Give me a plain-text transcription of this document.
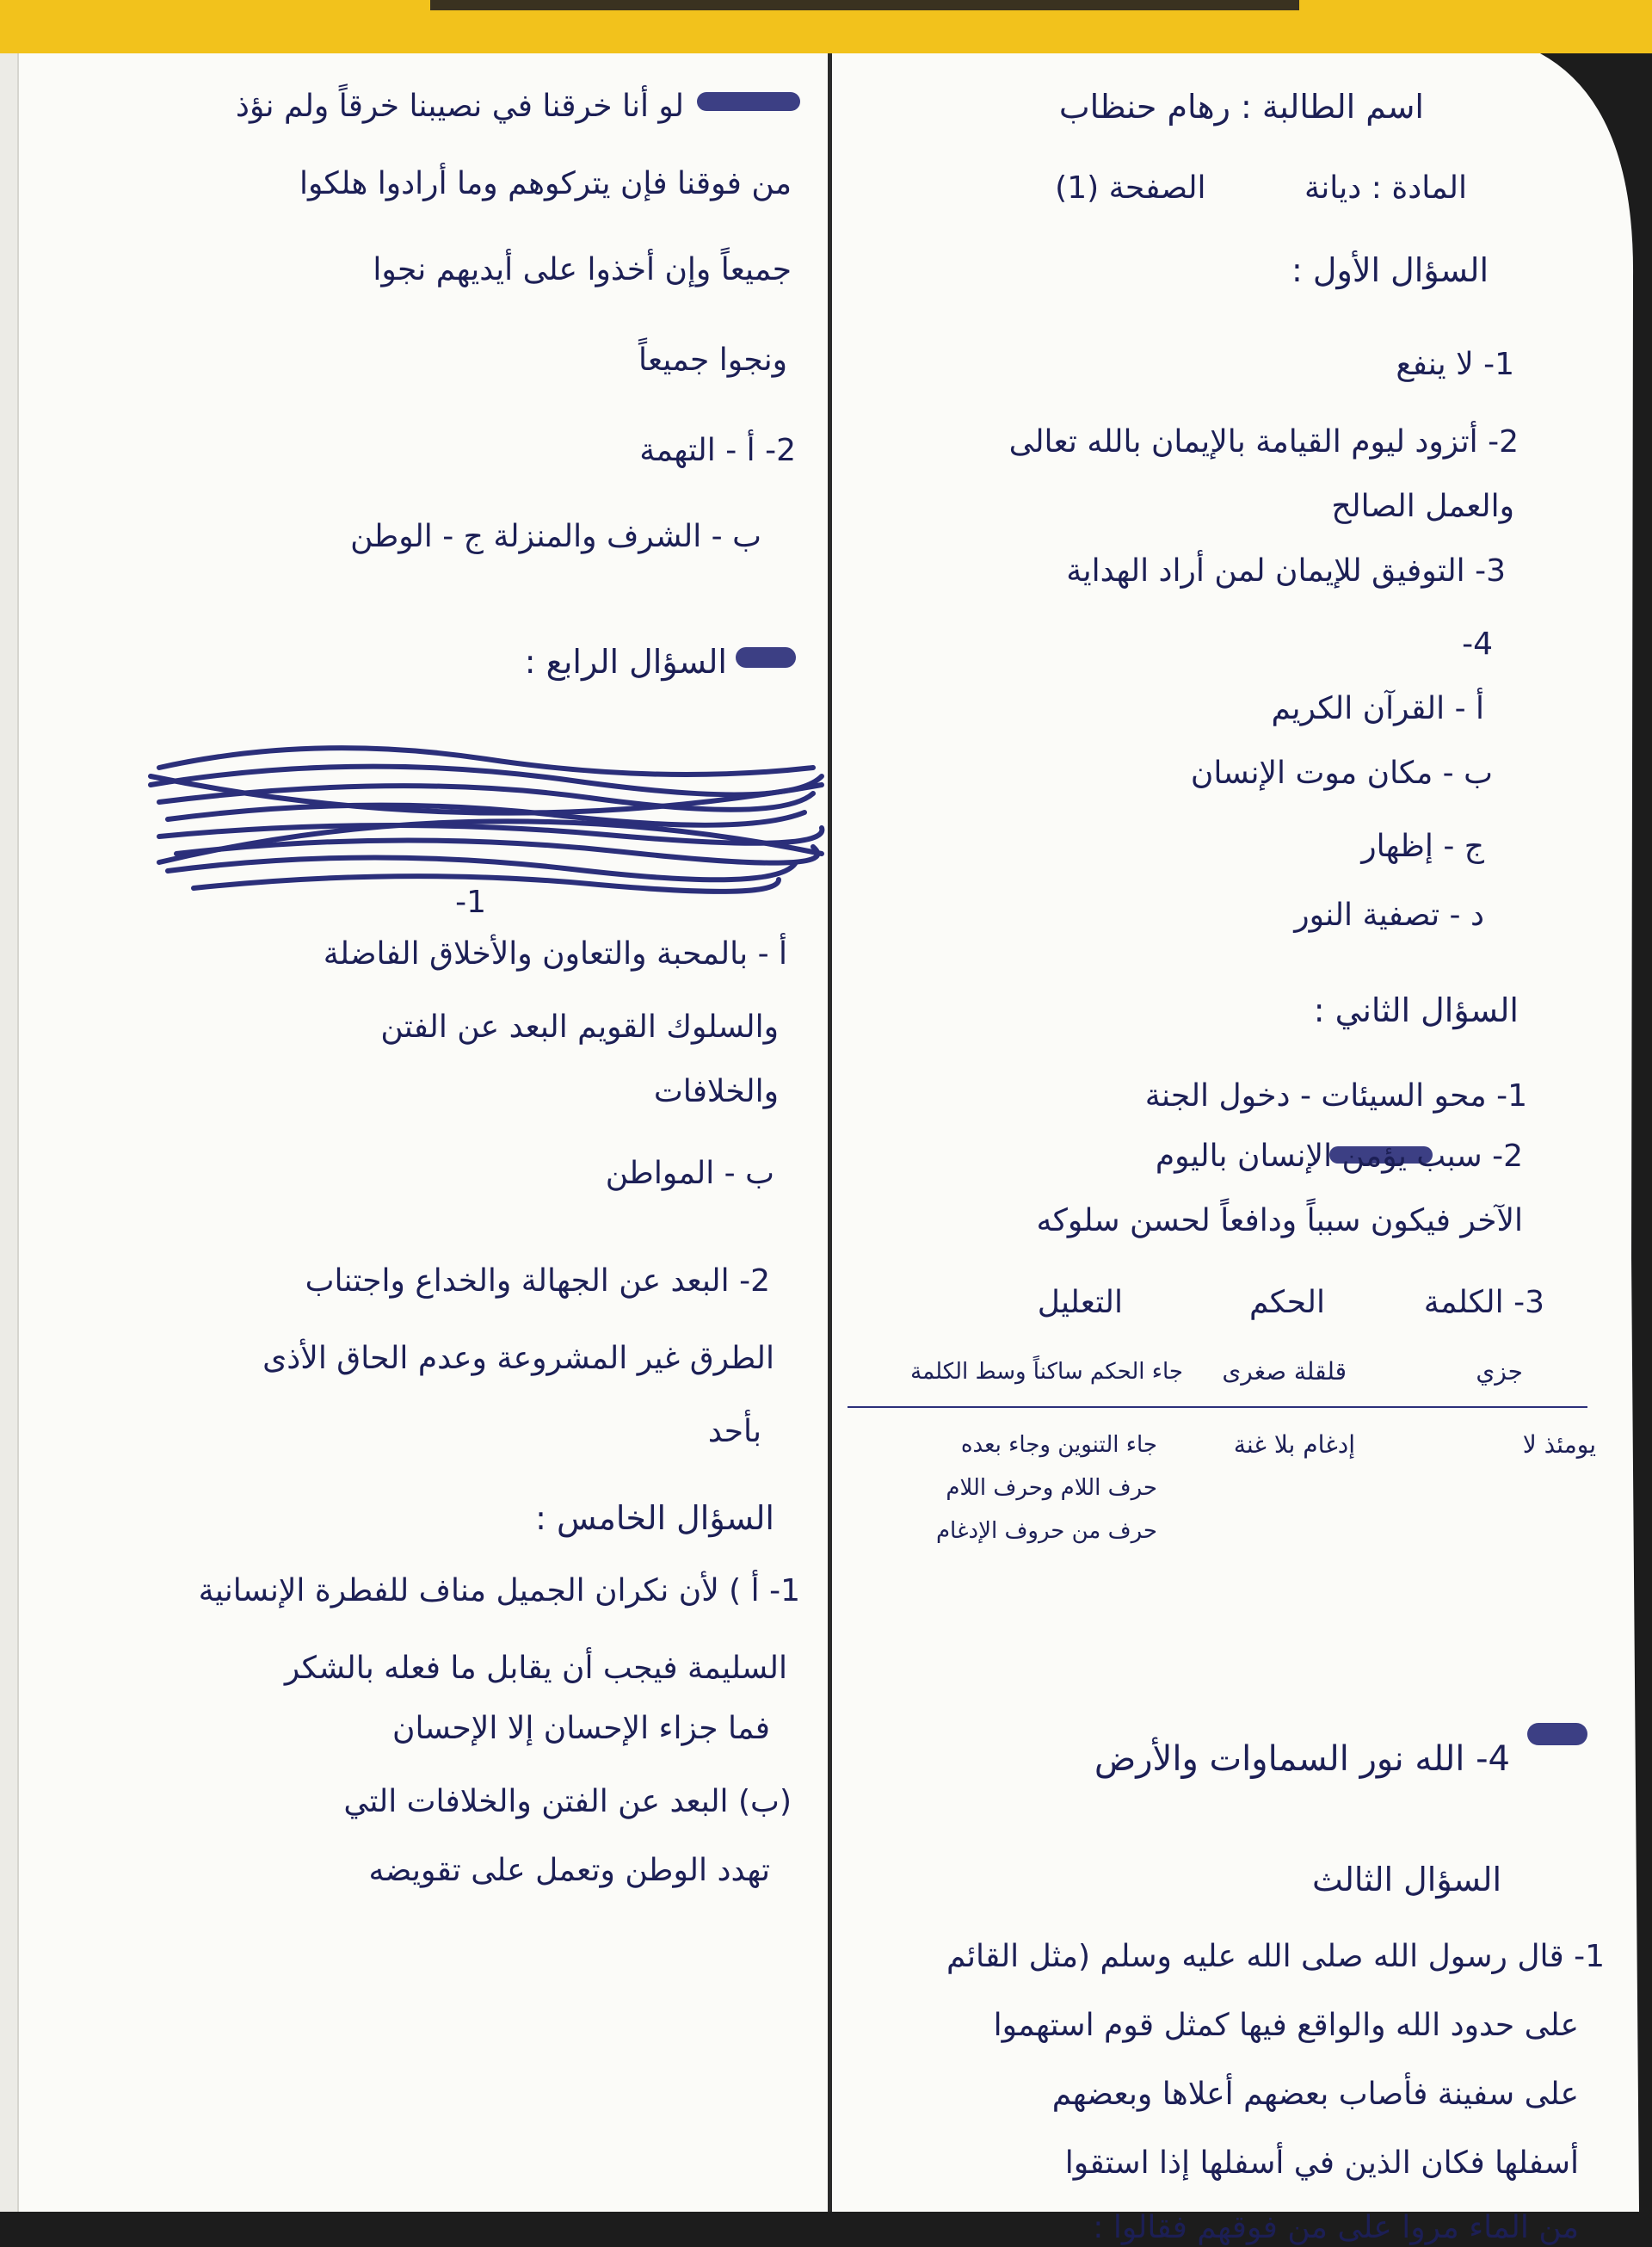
اسم الطالبة : رهام حنظاب
المادة : ديانة          الصفحة (1)
السؤال الأول :
1- لا ينفع
2- أتزود ليوم القيامة بالإيمان بالله تعالى
والعمل الصالح
3- التوفيق للإيمان لمن أراد الهداية
4-
أ - القرآن الكريم
ب - مكان موت الإنسان
ج - إظهار
د - تصفية النور
السؤال الثاني :
1- محو السيئات - دخول الجنة
2- سبب يؤمن الإنسان باليوم
الآخر فيكون سبباً ودافعاً لحسن سلوكه
3- الكلمة
الحكم
التعليل
جزي
قلقلة صغرى
جاء الحكم ساكناً وسط الكلمة
يومئذ لا
إدغام بلا غنة
جاء التنوين وجاء بعده
حرف اللام وحرف اللام
حرف من حروف الإدغام
4- الله نور السماوات والأرض
السؤال الثالث
1- قال رسول الله صلى الله عليه وسلم (مثل القائم
على حدود الله والواقع فيها كمثل قوم استهموا
على سفينة فأصاب بعضهم أعلاها وبعضهم
أسفلها فكان الذين في أسفلها إذا استقوا
من الماء مروا على من فوقهم فقالوا :
لو أنا خرقنا في نصيبنا خرقاً ولم نؤذ
من فوقنا فإن يتركوهم وما أرادوا هلكوا
جميعاً وإن أخذوا على أيديهم نجوا
ونجوا جميعاً
2- أ - التهمة
ب - الشرف والمنزلة ج - الوطن
السؤال الرابع :
1-
أ - بالمحبة والتعاون والأخلاق الفاضلة
والسلوك القويم البعد عن الفتن
والخلافات
ب - المواطن
2- البعد عن الجهالة والخداع واجتناب
الطرق غير المشروعة وعدم الحاق الأذى
بأحد
السؤال الخامس :
1- أ ) لأن نكران الجميل مناف للفطرة الإنسانية
السليمة فيجب أن يقابل ما فعله بالشكر
فما جزاء الإحسان إلا الإحسان
(ب) البعد عن الفتن والخلافات التي
تهدد الوطن وتعمل على تقويضه
